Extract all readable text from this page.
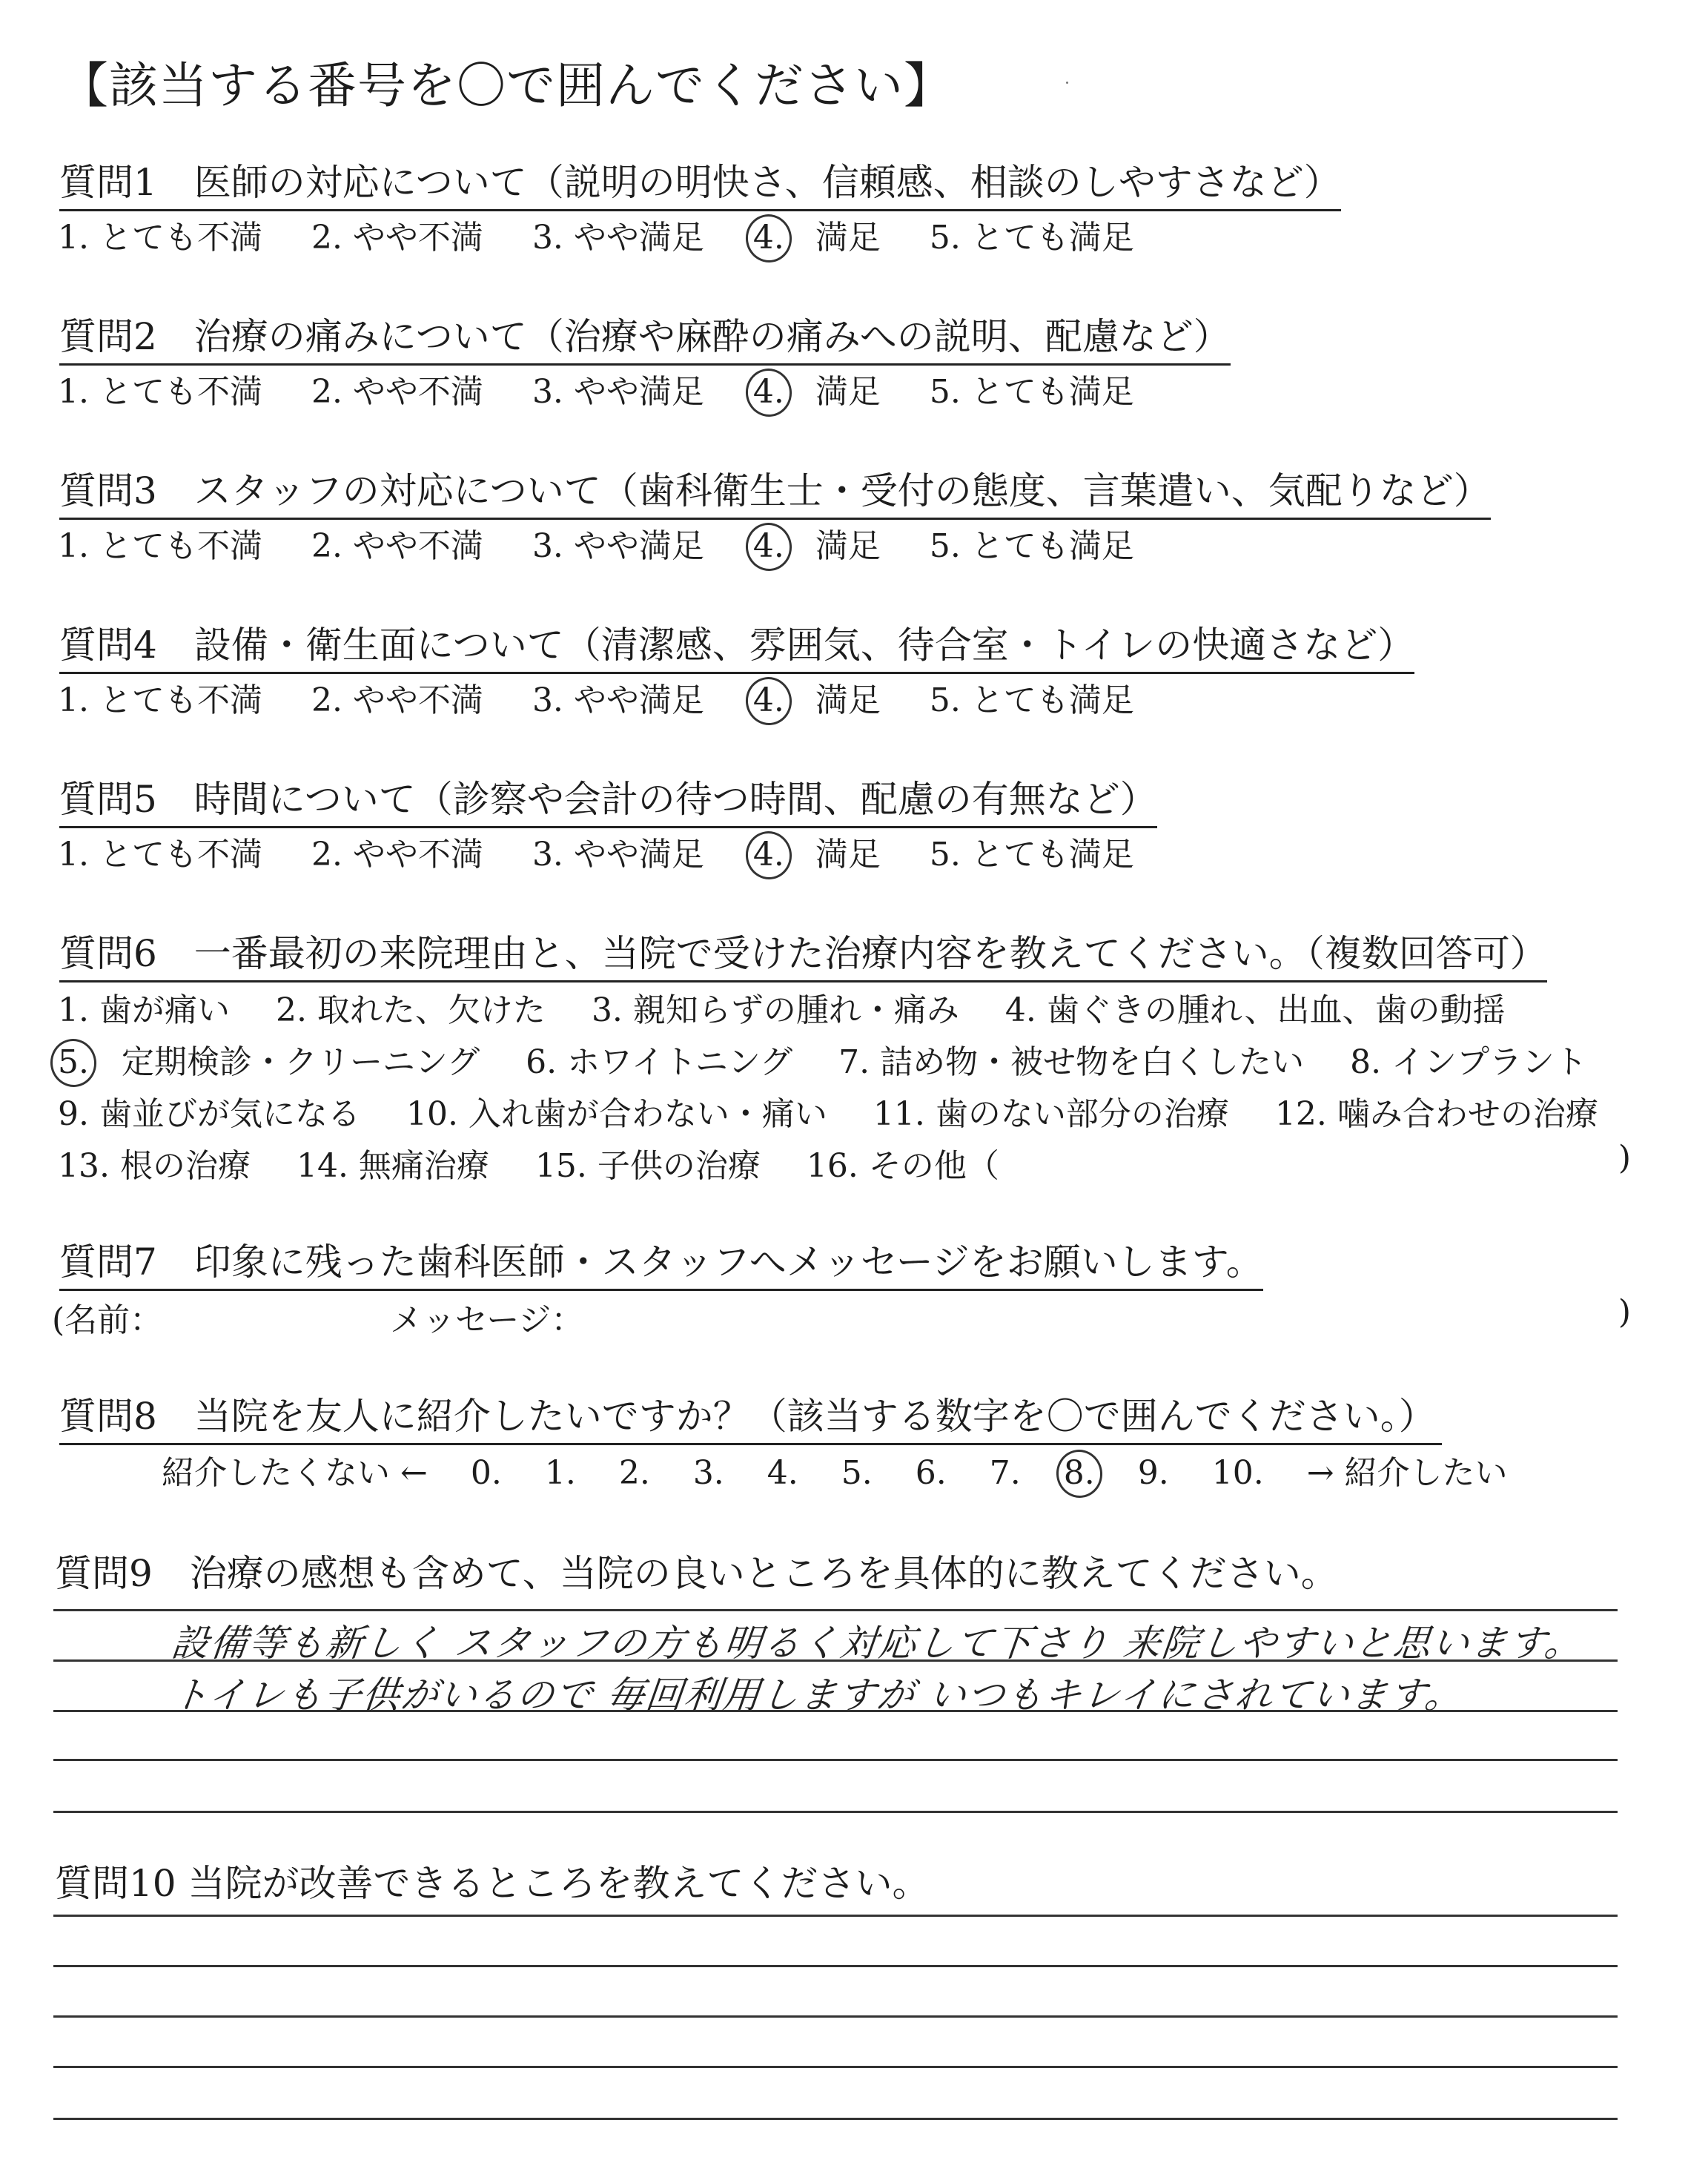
【該当する番号を〇で囲んでください】
質問1　医師の対応について（説明の明快さ、信頼感、相談のしやすさなど）
1. とても不満 2. やや不満 3. やや満足 4. 満足 5. とても満足
質問2　治療の痛みについて（治療や麻酔の痛みへの説明、配慮など）
1. とても不満 2. やや不満 3. やや満足 4. 満足 5. とても満足
質問3　スタッフの対応について（歯科衛生士・受付の態度、言葉遣い、気配りなど）
1. とても不満 2. やや不満 3. やや満足 4. 満足 5. とても満足
質問4　設備・衛生面について（清潔感、雰囲気、待合室・トイレの快適さなど）
1. とても不満 2. やや不満 3. やや満足 4. 満足 5. とても満足
質問5　時間について（診察や会計の待つ時間、配慮の有無など）
1. とても不満 2. やや不満 3. やや満足 4. 満足 5. とても満足
質問6　一番最初の来院理由と、当院で受けた治療内容を教えてください。（複数回答可）
1. 歯が痛い 2. 取れた、欠けた 3. 親知らずの腫れ・痛み 4. 歯ぐきの腫れ、出血、歯の動揺
5. 定期検診・クリーニング 6. ホワイトニング 7. 詰め物・被せ物を白くしたい 8. インプラント
9. 歯並びが気になる 10. 入れ歯が合わない・痛い 11. 歯のない部分の治療 12. 噛み合わせの治療
13. 根の治療 14. 無痛治療 15. 子供の治療 16. その他（	)
質問7　印象に残った歯科医師・スタッフへメッセージをお願いします。
(名前：	メッセージ：	)
質問8　当院を友人に紹介したいですか？（該当する数字を〇で囲んでください。）
紹介したくない ← 0. 1. 2. 3. 4. 5. 6. 7. 8. 9. 10. → 紹介したい
質問9　治療の感想も含めて、当院の良いところを具体的に教えてください。
設備等も新しく スタッフの方も明るく対応して下さり 来院しやすいと思います。
トイレも子供がいるので 毎回利用しますが いつもキレイにされています。
質問10 当院が改善できるところを教えてください。
